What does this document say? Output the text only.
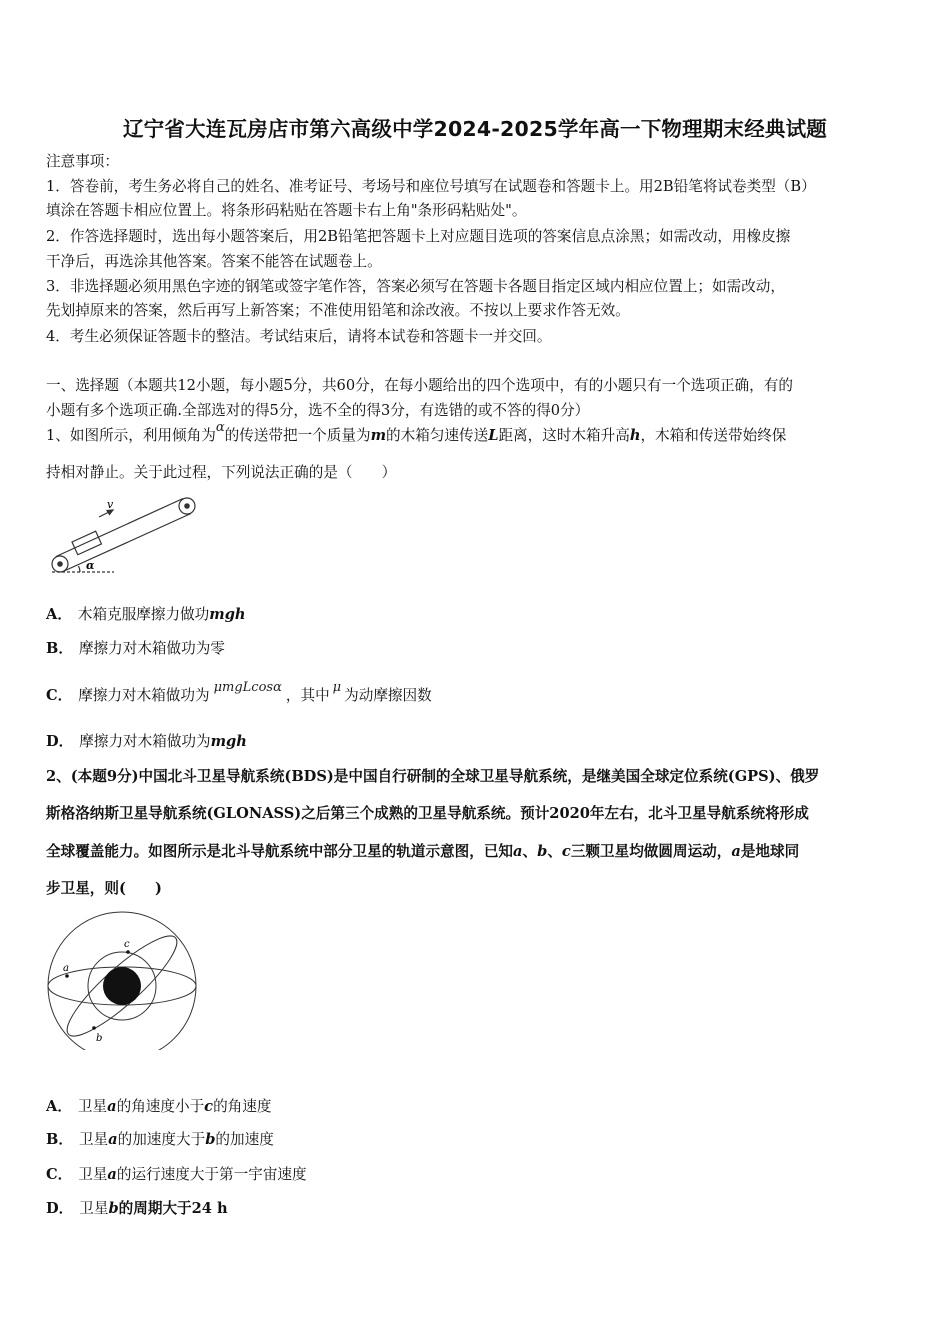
辽宁省大连瓦房店市第六高级中学2024-2025学年高一下物理期末经典试题
注意事项：
1．答卷前，考生务必将自己的姓名、准考证号、考场号和座位号填写在试题卷和答题卡上。用2B铅笔将试卷类型（B）
填涂在答题卡相应位置上。将条形码粘贴在答题卡右上角"条形码粘贴处"。
2．作答选择题时，选出每小题答案后，用2B铅笔把答题卡上对应题目选项的答案信息点涂黑；如需改动，用橡皮擦
干净后，再选涂其他答案。答案不能答在试题卷上。
3．非选择题必须用黑色字迹的钢笔或签字笔作答，答案必须写在答题卡各题目指定区域内相应位置上；如需改动，
先划掉原来的答案，然后再写上新答案；不准使用铅笔和涂改液。不按以上要求作答无效。
4．考生必须保证答题卡的整洁。考试结束后，请将本试卷和答题卡一并交回。
一、选择题（本题共12小题，每小题5分，共60分，在每小题给出的四个选项中，有的小题只有一个选项正确，有的
小题有多个选项正确.全部选对的得5分，选不全的得3分，有选错的或不答的得0分）
1、如图所示，利用倾角为α的传送带把一个质量为m的木箱匀速传送L距离，这时木箱升高h，木箱和传送带始终保
持相对静止。关于此过程，下列说法正确的是（　　）
v
α
A． 木箱克服摩擦力做功mgh
B． 摩擦力对木箱做功为零
C． 摩擦力对木箱做功为 μmgLcosα ，其中 μ 为动摩擦因数
D． 摩擦力对木箱做功为mgh
2、(本题9分)中国北斗卫星导航系统(BDS)是中国自行研制的全球卫星导航系统，是继美国全球定位系统(GPS)、俄罗
斯格洛纳斯卫星导航系统(GLONASS)之后第三个成熟的卫星导航系统。预计2020年左右，北斗卫星导航系统将形成
全球覆盖能力。如图所示是北斗导航系统中部分卫星的轨道示意图，已知a、b、c三颗卫星均做圆周运动，a是地球同
步卫星，则(　　)
a
c
b
A． 卫星a的角速度小于c的角速度
B． 卫星a的加速度大于b的加速度
C． 卫星a的运行速度大于第一宇宙速度
D． 卫星b的周期大于24 h
